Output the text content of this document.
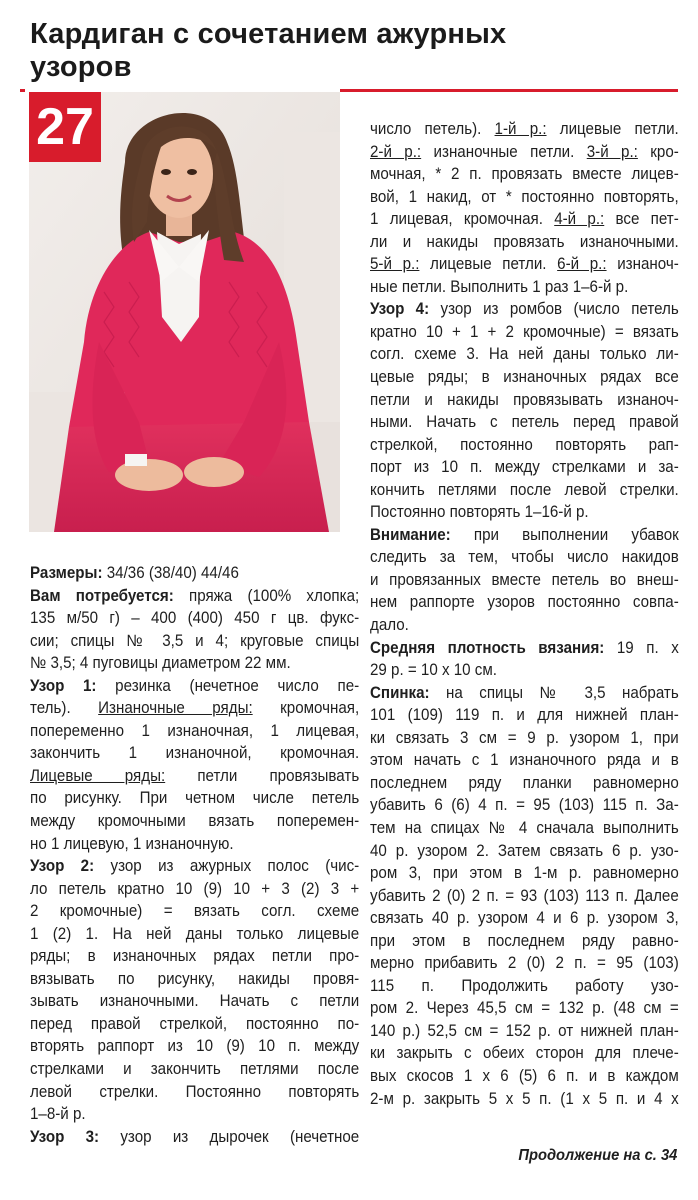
Кардиган с сочетанием ажурных
узоров
27
Размеры: 34/36 (38/40) 44/46
Вам потребуется: пряжа (100% хлопка;
135 м/50 г) – 400 (400) 450 г цв. фукс-
сии; спицы № 3,5 и 4; круговые спицы
№ 3,5; 4 пуговицы диаметром 22 мм.
Узор 1: резинка (нечетное число пе-
тель). Изнаночные ряды: кромочная,
попеременно 1 изнаночная, 1 лицевая,
закончить 1 изнаночной, кромочная.
Лицевые ряды: петли провязывать
по рисунку. При четном числе петель
между кромочными вязать поперемен-
но 1 лицевую, 1 изнаночную.
Узор 2: узор из ажурных полос (чис-
ло петель кратно 10 (9) 10 + 3 (2) 3 +
2 кромочные) = вязать согл. схеме
1 (2) 1. На ней даны только лицевые
ряды; в изнаночных рядах петли про-
вязывать по рисунку, накиды провя-
зывать изнаночными. Начать с петли
перед правой стрелкой, постоянно по-
вторять раппорт из 10 (9) 10 п. между
стрелками и закончить петлями после
левой стрелки. Постоянно повторять
1–8-й р.
Узор 3: узор из дырочек (нечетное
число петель). 1-й р.: лицевые петли.
2-й р.: изнаночные петли. 3-й р.: кро-
мочная, * 2 п. провязать вместе лицев-
вой, 1 накид, от * постоянно повторять,
1 лицевая, кромочная. 4-й р.: все пет-
ли и накиды провязать изнаночными.
5-й р.: лицевые петли. 6-й р.: изнаноч-
ные петли. Выполнить 1 раз 1–6-й р.
Узор 4: узор из ромбов (число петель
кратно 10 + 1 + 2 кромочные) = вязать
согл. схеме 3. На ней даны только ли-
цевые ряды; в изнаночных рядах все
петли и накиды провязывать изнаноч-
ными. Начать с петель перед правой
стрелкой, постоянно повторять рап-
порт из 10 п. между стрелками и за-
кончить петлями после левой стрелки.
Постоянно повторять 1–16-й р.
Внимание: при выполнении убавок
следить за тем, чтобы число накидов
и провязанных вместе петель во внеш-
нем раппорте узоров постоянно совпа-
дало.
Средняя плотность вязания: 19 п. х
29 р. = 10 х 10 см.
Спинка: на спицы № 3,5 набрать
101 (109) 119 п. и для нижней план-
ки связать 3 см = 9 р. узором 1, при
этом начать с 1 изнаночного ряда и в
последнем ряду планки равномерно
убавить 6 (6) 4 п. = 95 (103) 115 п. За-
тем на спицах № 4 сначала выполнить
40 р. узором 2. Затем связать 6 р. узо-
ром 3, при этом в 1-м р. равномерно
убавить 2 (0) 2 п. = 93 (103) 113 п. Далее
связать 40 р. узором 4 и 6 р. узором 3,
при этом в последнем ряду равно-
мерно прибавить 2 (0) 2 п. = 95 (103)
115 п. Продолжить работу узо-
ром 2. Через 45,5 см = 132 р. (48 см =
140 р.) 52,5 см = 152 р. от нижней план-
ки закрыть с обеих сторон для плече-
вых скосов 1 х 6 (5) 6 п. и в каждом
2-м р. закрыть 5 х 5 п. (1 х 5 п. и 4 х
Продолжение на с. 34
